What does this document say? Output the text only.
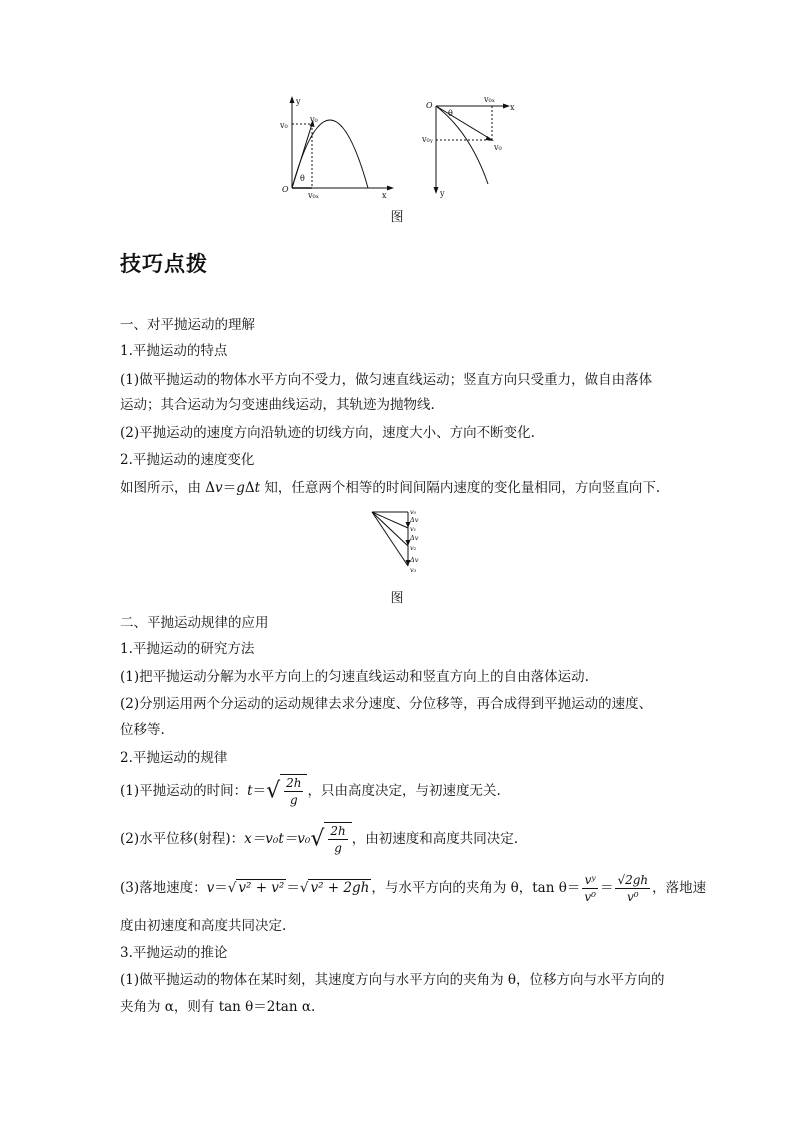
y
v₀
v₀
θ
O
v₀ₓ	x
O
θ
v₀ₓ
x
v₀ᵧ
v₀
y
图
技巧点拨
一、对平抛运动的理解
1.平抛运动的特点
(1)做平抛运动的物体水平方向不受力，做匀速直线运动；竖直方向只受重力，做自由落体
运动；其合运动为匀变速曲线运动，其轨迹为抛物线.
(2)平抛运动的速度方向沿轨迹的切线方向，速度大小、方向不断变化.
2.平抛运动的速度变化
如图所示，由 Δv＝gΔt 知，任意两个相等的时间间隔内速度的变化量相同，方向竖直向下.
v₀
Δv
v₁
Δv
v₂
Δv
v₃
图
二、平抛运动规律的应用
1.平抛运动的研究方法
(1)把平抛运动分解为水平方向上的匀速直线运动和竖直方向上的自由落体运动.
(2)分别运用两个分运动的运动规律去求分速度、分位移等，再合成得到平抛运动的速度、
位移等.
2.平抛运动的规律
(1)平抛运动的时间：$t=√ \frac{2h}{g}$ ，只由高度决定，与初速度无关.
(2)水平位移(射程)：$x=v_0t=v_0√ \frac{2h}{g}$ ，由初速度和高度共同决定.
(3)落地速度：v＝√ v² + v² ＝√ v² + 2gh ，与水平方向的夹角为 θ，$\tan \theta= \frac{\text{vʸ}}{\text{v⁰}} = \frac{√2gh}{\text{v⁰}}$ ，落地速
度由初速度和高度共同决定.
3.平抛运动的推论
(1)做平抛运动的物体在某时刻，其速度方向与水平方向的夹角为 θ，位移方向与水平方向的
夹角为 α，则有 tan θ＝2tan α.
